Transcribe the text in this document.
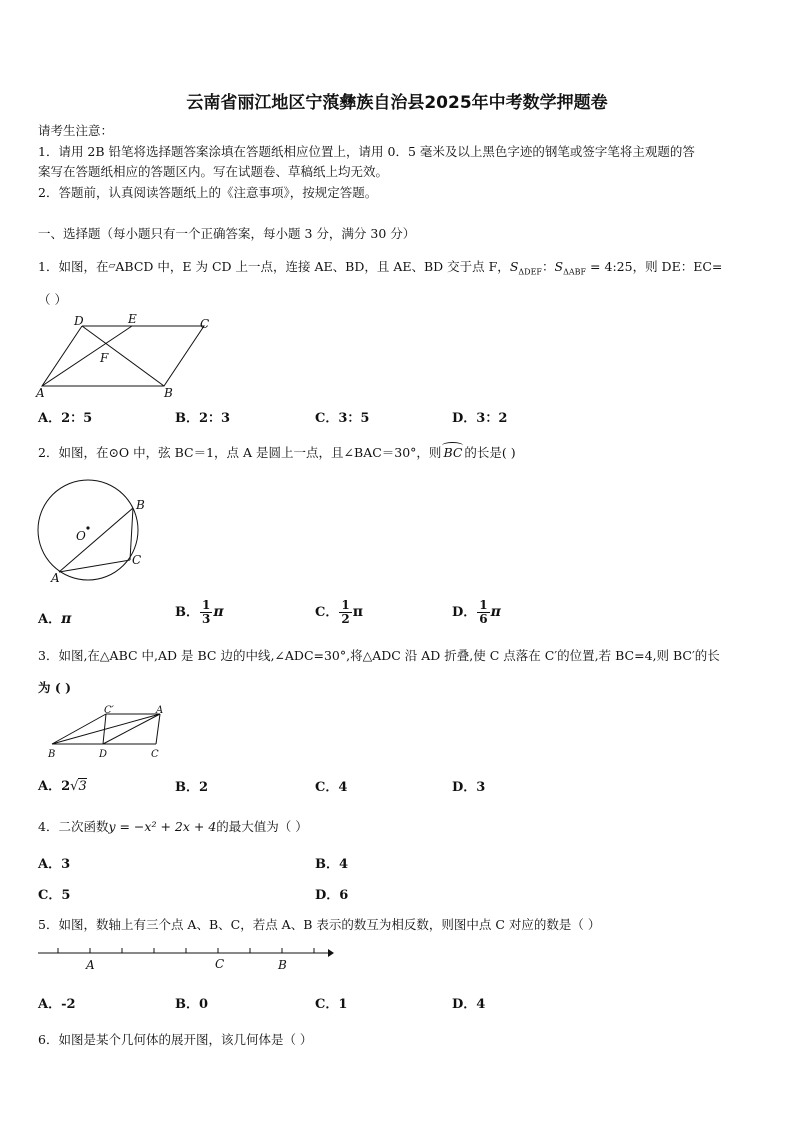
云南省丽江地区宁蒗彝族自治县2025年中考数学押题卷
请考生注意：
1．请用 2B 铅笔将选择题答案涂填在答题纸相应位置上，请用 0．5 毫米及以上黑色字迹的钢笔或签字笔将主观题的答
案写在答题纸相应的答题区内。写在试题卷、草稿纸上均无效。
2．答题前，认真阅读答题纸上的《注意事项》，按规定答题。
一、选择题（每小题只有一个正确答案，每小题 3 分，满分 30 分）
1．如图，在▱ABCD 中，E 为 CD 上一点，连接 AE、BD，且 AE、BD 交于点 F，$S_{\Delta DEF}$：$S_{\Delta ABF}$ = 4:25，则 DE：EC=
（ ）
D	E	C
F
A	B
A．2：5	B．2：3	C．3：5	D．3：2
2．如图，在⊙O 中，弦 BC＝1，点 A 是圆上一点，且∠BAC＝30°，则 BC 的长是( )
B
O
C
A
A．π	B． $\frac{1}{3}$ π	C． $\frac{1}{2}$ π	D． $\frac{1}{6}$ π
3．如图,在△ABC 中,AD 是 BC 边的中线,∠ADC=30°,将△ADC 沿 AD 折叠,使 C 点落在 C′的位置,若 BC=4,则 BC′的长
为 ( )
C′	A
B	D	C
A．2√3	B．2	C．4	D．3
4．二次函数y = −x² + 2x + 4的最大值为（ ）
A．3	B．4
C．5	D．6
5．如图，数轴上有三个点 A、B、C，若点 A、B 表示的数互为相反数，则图中点 C 对应的数是（ ）
A	C	B
A．-2	B．0	C．1	D．4
6．如图是某个几何体的展开图，该几何体是（ ）
